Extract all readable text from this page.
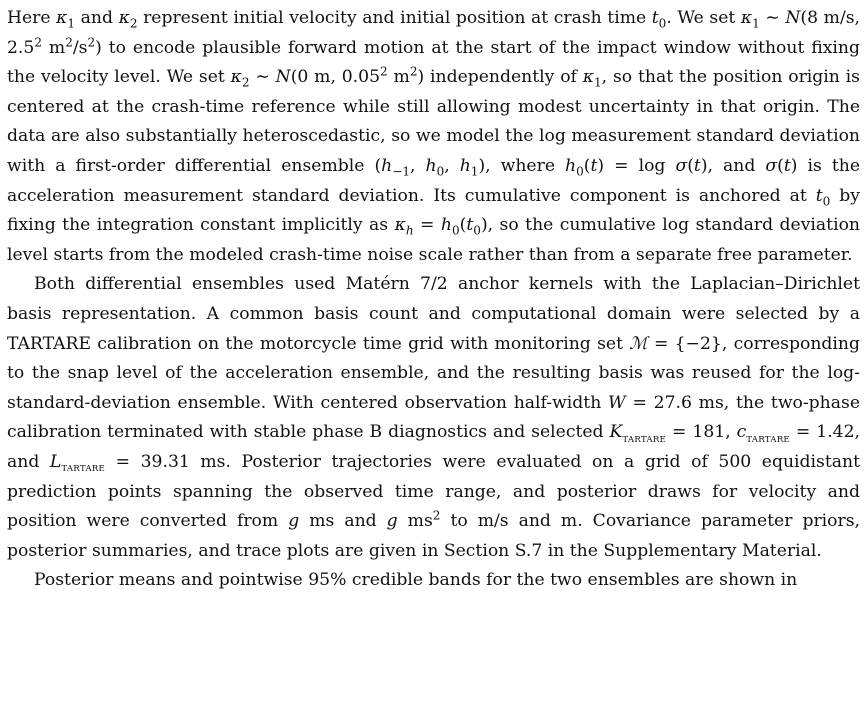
Here $\kappa_1$ and $\kappa_2$ represent initial velocity and initial position at crash time $t_0$. We set $\kappa_1$ ∼ N(8 m/s, $2.5^2$ $m^2/s^2$) to encode plausible forward motion at the start of the impact window without fixing the velocity level. We set $\kappa_2$ ∼ N(0 m, 0.05$^2$ $m^2$) independently of $\kappa_1$, so that the position origin is centered at the crash-time reference while still allowing modest uncertainty in that origin. The data are also substantially heteroscedastic, so we model the log measurement standard deviation with a first-order differential ensemble ($h_{-1}$, $h_0$, $h_1$), where $h_0(t) = \log \sigma(t)$, and σ(t) is the acceleration measurement standard deviation. Its cumulative component is anchored at $t_0$ by fixing the integration constant implicitly as $\kappa_h = h_0(t_0)$, so the cumulative log standard deviation level starts from the modeled crash-time noise scale rather than from a separate free parameter.

Both differential ensembles used Matérn 7/2 anchor kernels with the Laplacian–Dirichlet basis representation. A common basis count and computational domain were selected by a TARTARE calibration on the motorcycle time grid with monitoring set ℳ = {−2}, corresponding to the snap level of the acceleration ensemble, and the resulting basis was reused for the log-standard-deviation ensemble. With centered observation half-width W = 27.6 ms, the two-phase calibration terminated with stable phase B diagnostics and selected $K_{TARTARE} = 181$, $c_{TARTARE} = 1.42$, and $L_{TARTARE} = 39.31$ ms. Posterior trajectories were evaluated on a grid of 500 equidistant prediction points spanning the observed time range, and posterior draws for velocity and position were converted from g ms and g $ms^2$ to m/s and m. Covariance parameter priors, posterior summaries, and trace plots are given in Section S.7 in the Supplementary Material.

Posterior means and pointwise 95% credible bands for the two ensembles are shown in
